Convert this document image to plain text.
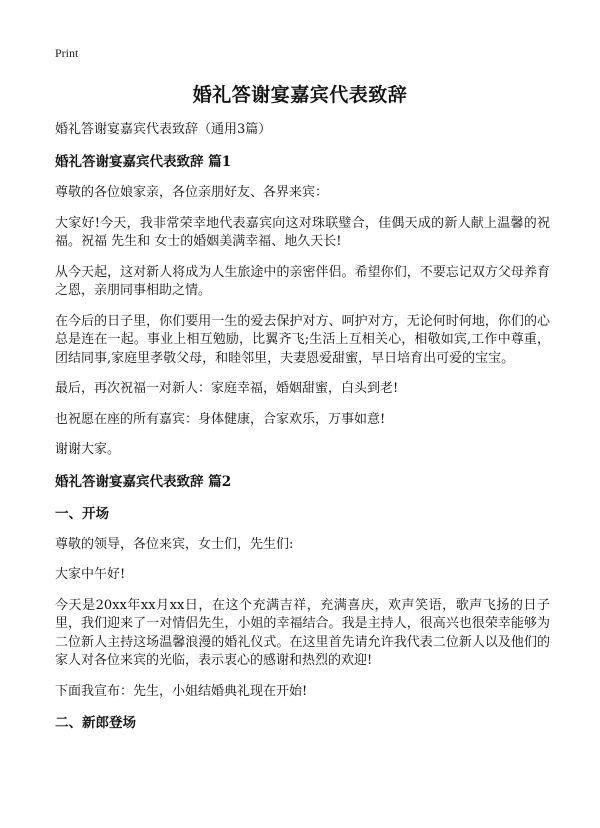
Print
婚礼答谢宴嘉宾代表致辞

婚礼答谢宴嘉宾代表致辞（通用3篇）

婚礼答谢宴嘉宾代表致辞 篇1

尊敬的各位娘家亲，各位亲朋好友、各界来宾：

大家好!今天，我非常荣幸地代表嘉宾向这对珠联璧合，佳偶天成的新人献上温馨的祝福。祝福 先生和 女士的婚姻美满幸福、地久天长!

从今天起，这对新人将成为人生旅途中的亲密伴侣。希望你们，不要忘记双方父母养育之恩，亲朋同事相助之情。

在今后的日子里，你们要用一生的爱去保护对方、呵护对方，无论何时何地，你们的心总是连在一起。事业上相互勉励，比翼齐飞;生活上互相关心，相敬如宾,工作中尊重，团结同事,家庭里孝敬父母，和睦邻里，夫妻恩爱甜蜜，早日培育出可爱的宝宝。

最后，再次祝福一对新人：家庭幸福，婚姻甜蜜，白头到老!

也祝愿在座的所有嘉宾：身体健康，合家欢乐，万事如意!

谢谢大家。

婚礼答谢宴嘉宾代表致辞 篇2

一、开场

尊敬的领导，各位来宾，女士们，先生们:

大家中午好!

今天是20xx年xx月xx日，在这个充满吉祥，充满喜庆，欢声笑语，歌声飞扬的日子里，我们迎来了一对情侣先生，小姐的幸福结合。我是主持人，很高兴也很荣幸能够为二位新人主持这场温馨浪漫的婚礼仪式。在这里首先请允许我代表二位新人以及他们的家人对各位来宾的光临，表示衷心的感谢和热烈的欢迎!

下面我宣布：先生，小姐结婚典礼现在开始!

二、新郎登场
